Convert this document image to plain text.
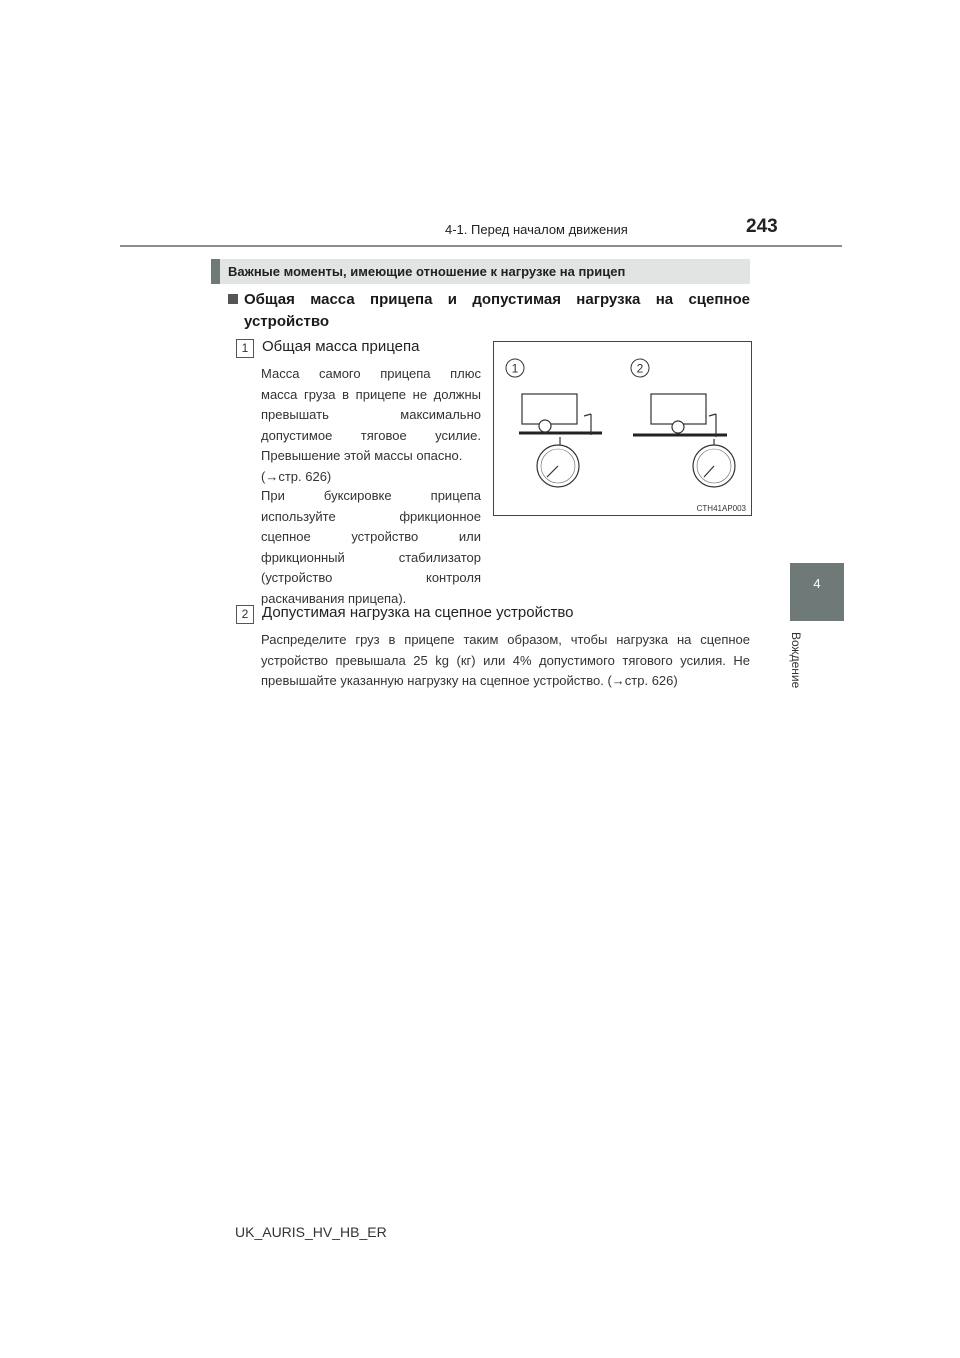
4-1. Перед началом движения	243
4
Вождение
Важные моменты, имеющие отношение к нагрузке на прицеп
Общая масса прицепа и допустимая нагрузка на сцепное устройство
1 Общая масса прицепа
Масса самого прицепа плюс
масса груза в прицепе не должны
превышать максимально
допустимое тяговое усилие.
Превышение этой массы опасно.
(→стр. 626)
При буксировке прицепа
используйте фрикционное
сцепное устройство или
фрикционный стабилизатор
(устройство контроля
раскачивания прицепа).
1	2
CTH41AP003
2 Допустимая нагрузка на сцепное устройство
Распределите груз в прицепе таким образом, чтобы нагрузка на сцепное
устройство превышала 25 kg (кг) или 4% допустимого тягового усилия. Не
превышайте указанную нагрузку на сцепное устройство. (→стр. 626)
UK_AURIS_HV_HB_ER
